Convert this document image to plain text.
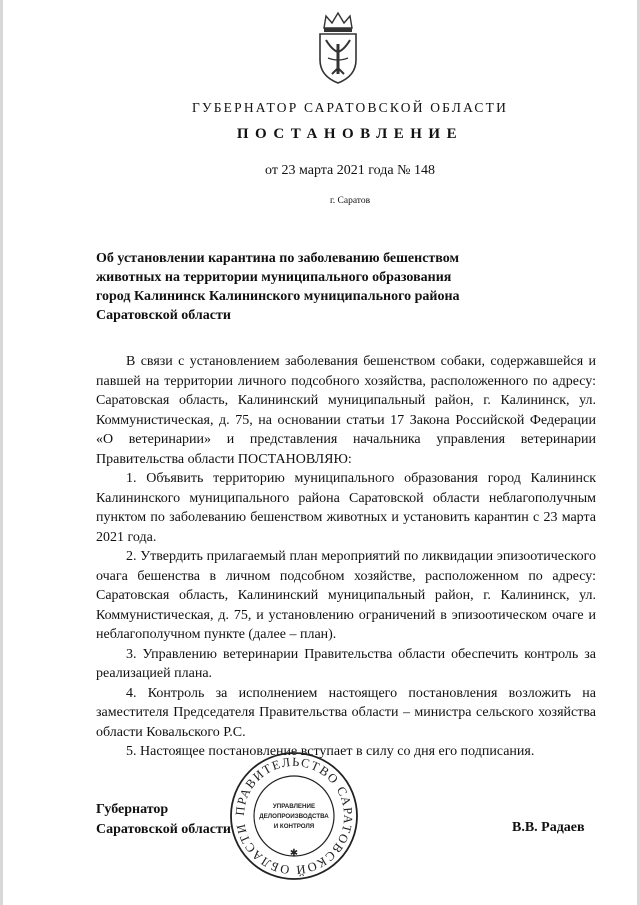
ГУБЕРНАТОР САРАТОВСКОЙ ОБЛАСТИ
ПОСТАНОВЛЕНИЕ
от 23 марта 2021 года № 148
г. Саратов
Об установлении карантина по заболеванию бешенством
животных на территории муниципального образования
город Калининск Калининского муниципального района
Саратовской области

В связи с установлением заболевания бешенством собаки, содержавшейся и павшей на территории личного подсобного хозяйства, расположенного по адресу: Саратовская область, Калининский муниципальный район, г. Калининск, ул. Коммунистическая, д. 75, на основании статьи 17 Закона Российской Федерации «О ветеринарии» и представления начальника управления ветеринарии Правительства области ПОСТАНОВЛЯЮ:

1. Объявить территорию муниципального образования город Калининск Калининского муниципального района Саратовской области неблагополучным пунктом по заболеванию бешенством животных и установить карантин с 23 марта 2021 года.

2. Утвердить прилагаемый план мероприятий по ликвидации эпизоотического очага бешенства в личном подсобном хозяйстве, расположенном по адресу: Саратовская область, Калининский муниципальный район, г. Калининск, ул. Коммунистическая, д. 75, и установлению ограничений в эпизоотическом очаге и неблагополучном пункте (далее – план).

3. Управлению ветеринарии Правительства области обеспечить контроль за реализацией плана.

4. Контроль за исполнением настоящего постановления возложить на заместителя Председателя Правительства области – министра сельского хозяйства области Ковальского Р.С.

5. Настоящее постановление вступает в силу со дня его подписания.

Губернатор
Саратовской области
ПРАВИТЕЛЬСТВО САРАТОВСКОЙ ОБЛАСТИ
УПРАВЛЕНИЕ
ДЕЛОПРОИЗВОДСТВА
И КОНТРОЛЯ
✱
В.В. Радаев
